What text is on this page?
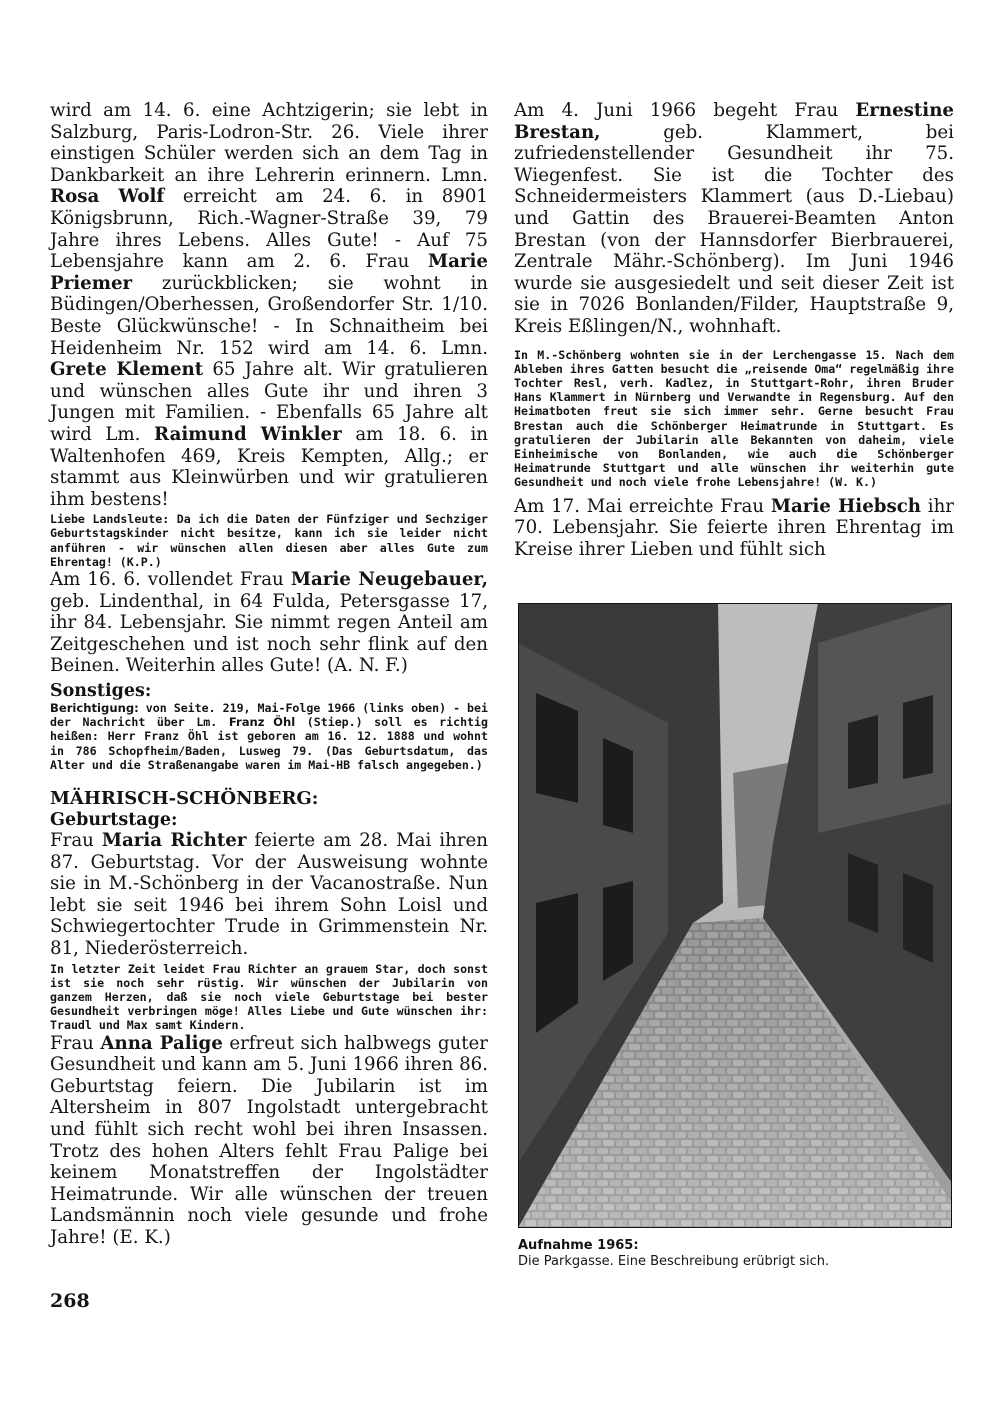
wird am 14. 6. eine Achtzigerin; sie lebt in Salzburg, Paris-Lodron-Str. 26. Viele ihrer einstigen Schüler werden sich an dem Tag in Dankbarkeit an ihre Lehrerin erinnern. Lmn. Rosa Wolf erreicht am 24. 6. in 8901 Königsbrunn, Rich.-Wagner-Straße 39, 79 Jahre ihres Lebens. Alles Gute! - Auf 75 Lebensjahre kann am 2. 6. Frau Marie Priemer zurückblicken; sie wohnt in Büdingen/Oberhessen, Großendorfer Str. 1/10. Beste Glückwünsche! - In Schnaitheim bei Heidenheim Nr. 152 wird am 14. 6. Lmn. Grete Klement 65 Jahre alt. Wir gratulieren und wünschen alles Gute ihr und ihren 3 Jungen mit Familien. - Ebenfalls 65 Jahre alt wird Lm. Raimund Winkler am 18. 6. in Waltenhofen 469, Kreis Kempten, Allg.; er stammt aus Kleinwürben und wir gratulieren ihm bestens!

Liebe Landsleute: Da ich die Daten der Fünfziger und Sechziger Geburtstagskinder nicht besitze, kann ich sie leider nicht anführen - wir wünschen allen diesen aber alles Gute zum Ehrentag! (K.P.)

Am 16. 6. vollendet Frau Marie Neugebauer, geb. Lindenthal, in 64 Fulda, Petersgasse 17, ihr 84. Lebensjahr. Sie nimmt regen Anteil am Zeitgeschehen und ist noch sehr flink auf den Beinen. Weiterhin alles Gute! (A. N. F.)

Sonstiges:

Berichtigung: von Seite. 219, Mai-Folge 1966 (links oben) - bei der Nachricht über Lm. Franz Öhl (Stiep.) soll es richtig heißen: Herr Franz Öhl ist geboren am 16. 12. 1888 und wohnt in 786 Schopfheim/Baden, Lusweg 79. (Das Geburtsdatum, das Alter und die Straßenangabe waren im Mai-HB falsch angegeben.)

MÄHRISCH-SCHÖNBERG:
Geburtstage:

Frau Maria Richter feierte am 28. Mai ihren 87. Geburtstag. Vor der Ausweisung wohnte sie in M.-Schönberg in der Vacanostraße. Nun lebt sie seit 1946 bei ihrem Sohn Loisl und Schwiegertochter Trude in Grimmenstein Nr. 81, Niederösterreich.

In letzter Zeit leidet Frau Richter an grauem Star, doch sonst ist sie noch sehr rüstig. Wir wünschen der Jubilarin von ganzem Herzen, daß sie noch viele Geburtstage bei bester Gesundheit verbringen möge! Alles Liebe und Gute wünschen ihr: Traudl und Max samt Kindern.

Frau Anna Palige erfreut sich halbwegs guter Gesundheit und kann am 5. Juni 1966 ihren 86. Geburtstag feiern. Die Jubilarin ist im Altersheim in 807 Ingolstadt untergebracht und fühlt sich recht wohl bei ihren Insassen. Trotz des hohen Alters fehlt Frau Palige bei keinem Monatstreffen der Ingolstädter Heimatrunde. Wir alle wünschen der treuen Landsmännin noch viele gesunde und frohe Jahre! (E. K.)

Am 4. Juni 1966 begeht Frau Ernestine Brestan, geb. Klammert, bei zufriedenstellender Gesundheit ihr 75. Wiegenfest. Sie ist die Tochter des Schneidermeisters Klammert (aus D.-Liebau) und Gattin des Brauerei-Beamten Anton Brestan (von der Hannsdorfer Bierbrauerei, Zentrale Mähr.-Schönberg). Im Juni 1946 wurde sie ausgesiedelt und seit dieser Zeit ist sie in 7026 Bonlanden/Filder, Hauptstraße 9, Kreis Eßlingen/N., wohnhaft.

In M.-Schönberg wohnten sie in der Lerchengasse 15. Nach dem Ableben ihres Gatten besucht die „reisende Oma“ regelmäßig ihre Tochter Resl, verh. Kadlez, in Stuttgart-Rohr, ihren Bruder Hans Klammert in Nürnberg und Verwandte in Regensburg. Auf den Heimatboten freut sie sich immer sehr. Gerne besucht Frau Brestan auch die Schönberger Heimatrunde in Stuttgart. Es gratulieren der Jubilarin alle Bekannten von daheim, viele Einheimische von Bonlanden, wie auch die Schönberger Heimatrunde Stuttgart und alle wünschen ihr weiterhin gute Gesundheit und noch viele frohe Lebensjahre! (W. K.)

Am 17. Mai erreichte Frau Marie Hiebsch ihr 70. Lebensjahr. Sie feierte ihren Ehrentag im Kreise ihrer Lieben und fühlt sich

Aufnahme 1965:
Die Parkgasse. Eine Beschreibung erübrigt sich.
268
